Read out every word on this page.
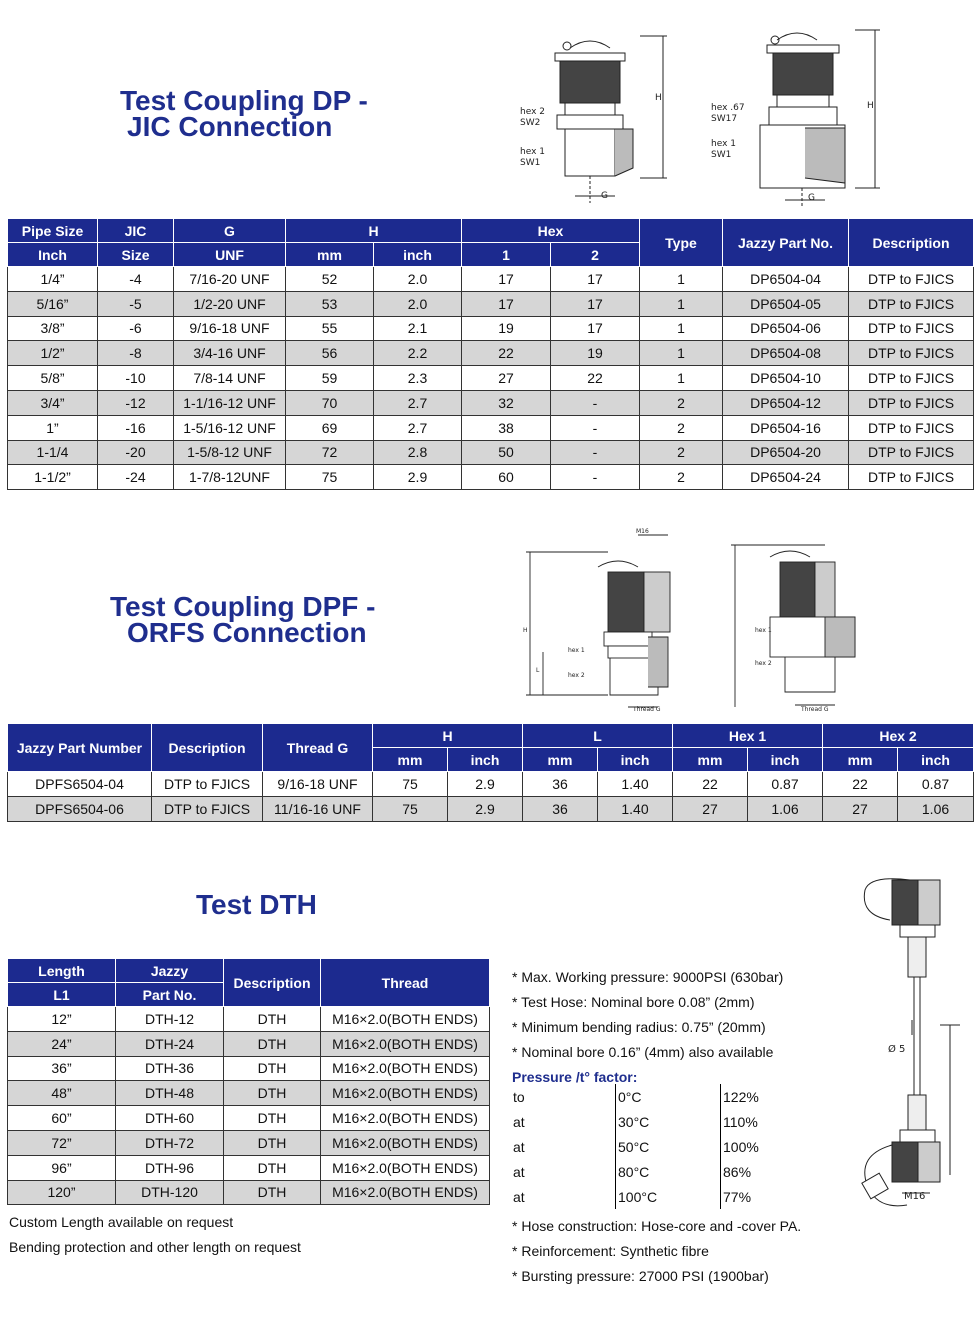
Test Coupling DP -
JIC Connection	hex 2
SW2
hex 1
SW1
G
H
hex .67
SW17
hex 1
SW1
G
H
Pipe Size	JIC	G	H		Hex		Type	Jazzy Part No.	Description
Inch	Size	UNF	mm	inch	1	2			
1/4”	-4	7/16-20 UNF	52	2.0	17	17	1	DP6504-04	DTP to FJICS
5/16”	-5	1/2-20 UNF	53	2.0	17	17	1	DP6504-05	DTP to FJICS
3/8”	-6	9/16-18 UNF	55	2.1	19	17	1	DP6504-06	DTP to FJICS
1/2”	-8	3/4-16 UNF	56	2.2	22	19	1	DP6504-08	DTP to FJICS
5/8”	-10	7/8-14 UNF	59	2.3	27	22	1	DP6504-10	DTP to FJICS
3/4”	-12	1-1/16-12 UNF	70	2.7	32	-	2	DP6504-12	DTP to FJICS
1”	-16	1-5/16-12 UNF	69	2.7	38	-	2	DP6504-16	DTP to FJICS
1-1/4	-20	1-5/8-12 UNF	72	2.8	50	-	2	DP6504-20	DTP to FJICS
1-1/2”	-24	1-7/8-12UNF	75	2.9	60	-	2	DP6504-24	DTP to FJICS
Test Coupling DPF -
ORFS Connection
M16
hex 1
hex 2
H
L
Thread G
hex 1
hex 2
Thread G
Jazzy Part Number	Description	Thread G	H		L		Hex 1		Hex 2	
			mm	inch	mm	inch	mm	inch	mm	inch
DPFS6504-04	DTP to FJICS	9/16-18 UNF	75	2.9	36	1.40	22	0.87	22	0.87
DPFS6504-06	DTP to FJICS	11/16-16 UNF	75	2.9	36	1.40	27	1.06	27	1.06
Test DTH
Length	Jazzy	Description	Thread
L1	Part No.		
12”	DTH-12	DTH	M16×2.0(BOTH ENDS)
24”	DTH-24	DTH	M16×2.0(BOTH ENDS)
36”	DTH-36	DTH	M16×2.0(BOTH ENDS)
48”	DTH-48	DTH	M16×2.0(BOTH ENDS)
60”	DTH-60	DTH	M16×2.0(BOTH ENDS)
72”	DTH-72	DTH	M16×2.0(BOTH ENDS)
96”	DTH-96	DTH	M16×2.0(BOTH ENDS)
120”	DTH-120	DTH	M16×2.0(BOTH ENDS)
Custom Length available on request
Bending protection and other length on request
* Max. Working pressure: 9000PSI (630bar)
* Test Hose: Nominal bore 0.08” (2mm)
* Minimum bending radius: 0.75” (20mm)
* Nominal bore 0.16” (4mm) also available
Pressure /t° factor:
to	0°C	122%
at	30°C	110%
at	50°C	100%
at	80°C	86%
at	100°C	77%
* Hose construction: Hose-core and -cover PA.
* Reinforcement: Synthetic fibre
* Bursting pressure: 27000 PSI (1900bar)
Ø 5
M16
